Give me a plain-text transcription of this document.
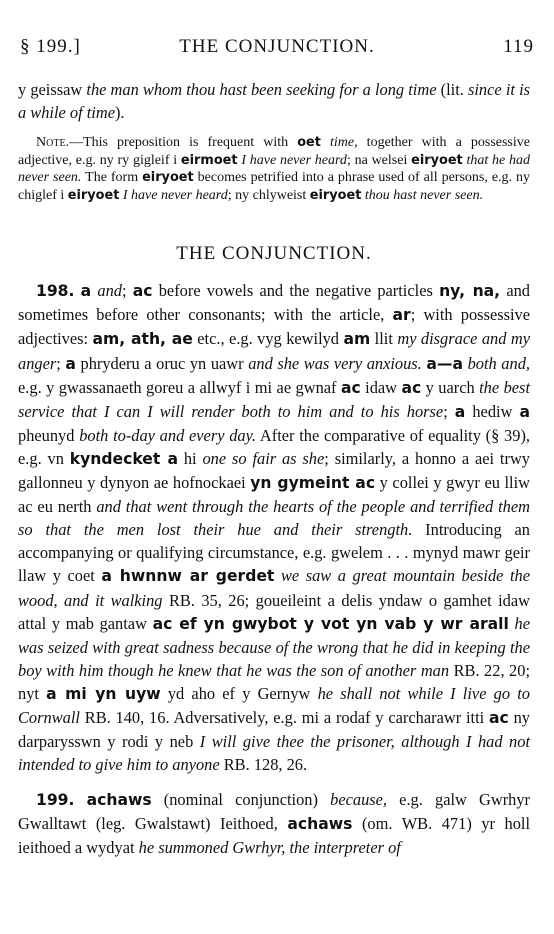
§ 199.]	THE CONJUNCTION.	119

y geissaw the man whom thou hast been seeking for a long time (lit. since it is a while of time).

Note.—This preposition is frequent with oet time, together with a possessive adjective, e.g. ny ry gigleif i eirmoet I have never heard; na welsei eiryoet that he had never seen. The form eiryoet becomes petrified into a phrase used of all persons, e.g. ny chiglef i eiryoet I have never heard; ny chlyweist eiryoet thou hast never seen.

THE CONJUNCTION.

198. a and; ac before vowels and the negative particles ny, na, and sometimes before other consonants; with the article, ar; with possessive adjectives: am, ath, ae etc., e.g. vyg kewilyd am llit my disgrace and my anger; a phryderu a oruc yn uawr and she was very anxious. a—a both and, e.g. y gwassanaeth goreu a allwyf i mi ae gwnaf ac idaw ac y uarch the best service that I can I will render both to him and to his horse; a hediw a pheunyd both to-day and every day. After the comparative of equality (§ 39), e.g. vn kyndecket a hi one so fair as she; similarly, a honno a aei trwy gallonneu y dynyon ae hofnockaei yn gymeint ac y collei y gwyr eu lliw ac eu nerth and that went through the hearts of the people and terrified them so that the men lost their hue and their strength. Introducing an accompanying or qualifying circumstance, e.g. gwelem . . . mynyd mawr geir llaw y coet a hwnnw ar gerdet we saw a great mountain beside the wood, and it walking RB. 35, 26; goueileint a delis yndaw o gamhet idaw attal y mab gantaw ac ef yn gwybot y vot yn vab y wr arall he was seized with great sadness because of the wrong that he did in keeping the boy with him though he knew that he was the son of another man RB. 22, 20; nyt a mi yn uyw yd aho ef y Gernyw he shall not while I live go to Cornwall RB. 140, 16. Adversatively, e.g. mi a rodaf y carcharawr itti ac ny darparysswn y rodi y neb I will give thee the prisoner, although I had not intended to give him to anyone RB. 128, 26.

199. achaws (nominal conjunction) because, e.g. galw Gwrhyr Gwalltawt (leg. Gwalstawt) Ieithoed, achaws (om. WB. 471) yr holl ieithoed a wydyat he summoned Gwrhyr, the interpreter of
